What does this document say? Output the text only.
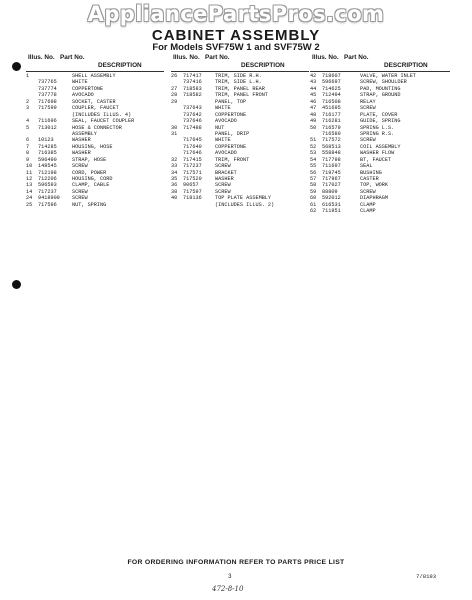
AppliancePartsPros.com
CABINET ASSEMBLY
For Models SVF75W 1 and SVF75W 2
Illus. No. Part No.
DESCRIPTION
1	SHELL ASSEMBLY
737765	WHITE
737774	COPPERTONE
737778	AVOCADO
2 717698	SOCKET, CASTER
3 717599	COUPLER, FAUCET
(INCLUDES ILLUS. 4)
4 711696	SEAL, FAUCET COUPLER
5 713012	HOSE & CONNECTOR
ASSEMBLY
6 10123	WASHER
7 714285	HOUSING, HOSE
8 716385	WASHER
9 596490	STRAP, HOSE
10 148545	SCREW
11 712198	CORD, POWER
12 712206	HOUSING, CORD
13 596593	CLAMP, CABLE
14 717237	SCREW
24 9418900 SCREW
25 717596	NUT, SPRING
Illus. No. Part No.
DESCRIPTION
26 717417	TRIM, SIDE R.H.
737416	TRIM, SIDE L.H.
27 718583	TRIM, PANEL REAR
28 718582	TRIM, PANEL FRONT
29	PANEL, TOP
737643	WHITE
737642	COPPERTONE
737646	AVOCADO
30 717488	NUT
31	PANEL, DRIP
717645	WHITE
717640	COPPERTONE
717646	AVOCADO
32 717415	TRIM, FRONT
33 717237	SCREW
34 717571	BRACKET
35 717520	WASHER
36 90657	SCREW
38 717597	SCREW
40 718136	TOP PLATE ASSEMBLY
(INCLUDES ILLUS. 2)
Illus. No. Part No.
DESCRIPTION
42 718607	VALVE, WATER INLET
43 596697	SCREW, SHOULDER
44 714625	PAD, MOUNTING
45 712494	STRAP, GROUND
46 716508	RELAY
47 451695	SCREW
48 716177	PLATE, COVER
49 716281	GUIDE, SPRING
50 716579	SPRING L.S.
716580	SPRING R.S.
51 717572	SCREW
52 568513	COIL ASSEMBLY
53 558848	WASHER FLOW
54 717798	BT, FAUCET
55 711697	SEAL
56 719745	BUSHING
57 717967	CASTER
58 717027	TOP, WORK
59 88809	SCREW
60 592012	DIAPHRAGM
61 616531	CLAMP
62 711951	CLAMP
FOR ORDERING INFORMATION REFER TO PARTS PRICE LIST
3	7/8193
472-8-10
